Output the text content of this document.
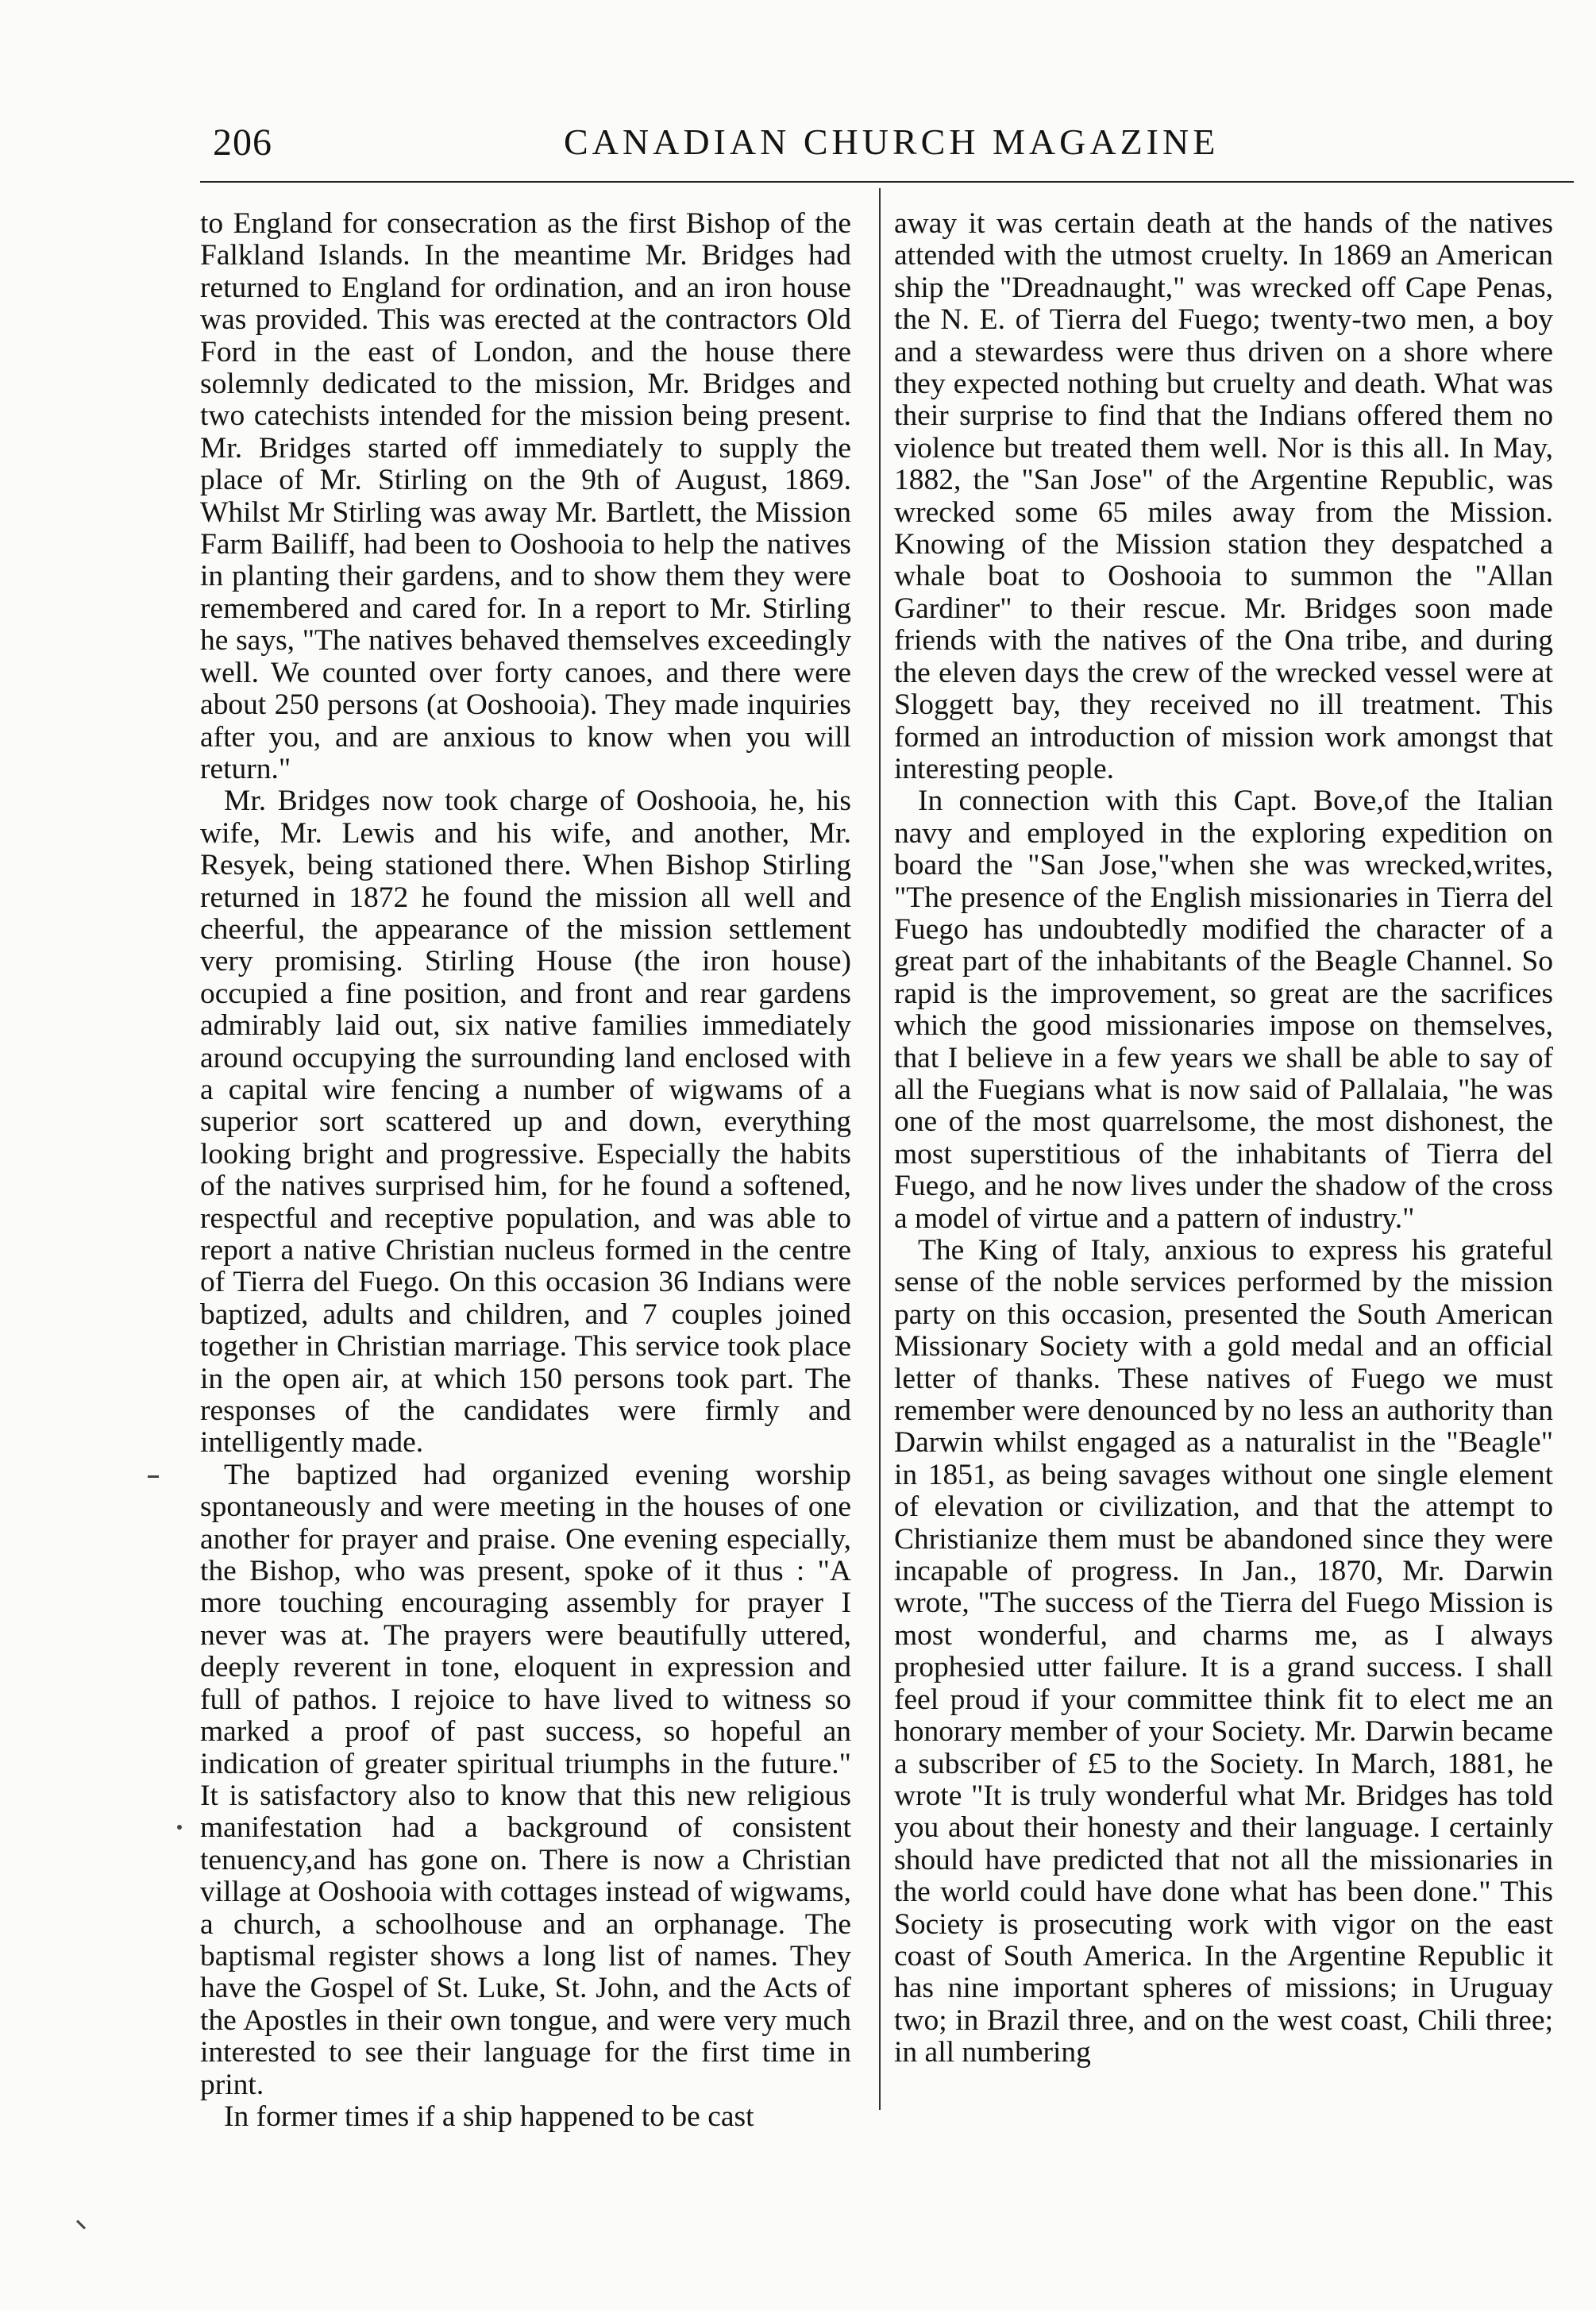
206	CANADIAN CHURCH MAGAZINE

to England for consecration as the first Bishop of the Falkland Islands. In the meantime Mr. Bridges had returned to England for ordination, and an iron house was provided. This was erected at the contractors Old Ford in the east of London, and the house there solemnly dedicated to the mission, Mr. Bridges and two catechists intended for the mission being present. Mr. Bridges started off immediately to supply the place of Mr. Stirling on the 9th of August, 1869. Whilst Mr Stirling was away Mr. Bartlett, the Mission Farm Bailiff, had been to Ooshooia to help the natives in planting their gardens, and to show them they were remembered and cared for. In a report to Mr. Stirling he says, "The natives behaved themselves exceedingly well. We counted over forty canoes, and there were about 250 persons (at Ooshooia). They made inquiries after you, and are anxious to know when you will return."

Mr. Bridges now took charge of Ooshooia, he, his wife, Mr. Lewis and his wife, and another, Mr. Resyek, being stationed there. When Bishop Stirling returned in 1872 he found the mission all well and cheerful, the appearance of the mission settlement very promising. Stirling House (the iron house) occupied a fine position, and front and rear gardens admirably laid out, six native families immediately around occupying the surrounding land enclosed with a capital wire fencing a number of wigwams of a superior sort scattered up and down, everything looking bright and progressive. Especially the habits of the natives surprised him, for he found a softened, respectful and receptive population, and was able to report a native Christian nucleus formed in the centre of Tierra del Fuego. On this occasion 36 Indians were baptized, adults and children, and 7 couples joined together in Christian marriage. This service took place in the open air, at which 150 persons took part. The responses of the candidates were firmly and intelligently made.

The baptized had organized evening worship spontaneously and were meeting in the houses of one another for prayer and praise. One evening especially, the Bishop, who was present, spoke of it thus : "A more touching encouraging assembly for prayer I never was at. The prayers were beautifully uttered, deeply reverent in tone, eloquent in expression and full of pathos. I rejoice to have lived to witness so marked a proof of past success, so hopeful an indication of greater spiritual triumphs in the future." It is satisfactory also to know that this new religious manifestation had a background of consistent tenuency,and has gone on. There is now a Christian village at Ooshooia with cottages instead of wigwams, a church, a schoolhouse and an orphanage. The baptismal register shows a long list of names. They have the Gospel of St. Luke, St. John, and the Acts of the Apostles in their own tongue, and were very much interested to see their language for the first time in print.

In former times if a ship happened to be cast

away it was certain death at the hands of the natives attended with the utmost cruelty. In 1869 an American ship the "Dreadnaught," was wrecked off Cape Penas, the N. E. of Tierra del Fuego; twenty-two men, a boy and a stewardess were thus driven on a shore where they expected nothing but cruelty and death. What was their surprise to find that the Indians offered them no violence but treated them well. Nor is this all. In May, 1882, the "San Jose" of the Argentine Republic, was wrecked some 65 miles away from the Mission. Knowing of the Mission station they despatched a whale boat to Ooshooia to summon the "Allan Gardiner" to their rescue. Mr. Bridges soon made friends with the natives of the Ona tribe, and during the eleven days the crew of the wrecked vessel were at Sloggett bay, they received no ill treatment. This formed an introduction of mission work amongst that interesting people.

In connection with this Capt. Bove,of the Italian navy and employed in the exploring expedition on board the "San Jose,"when she was wrecked,writes, "The presence of the English missionaries in Tierra del Fuego has undoubtedly modified the character of a great part of the inhabitants of the Beagle Channel. So rapid is the improvement, so great are the sacrifices which the good missionaries impose on themselves, that I believe in a few years we shall be able to say of all the Fuegians what is now said of Pallalaia, "he was one of the most quarrelsome, the most dishonest, the most superstitious of the inhabitants of Tierra del Fuego, and he now lives under the shadow of the cross a model of virtue and a pattern of industry."

The King of Italy, anxious to express his grateful sense of the noble services performed by the mission party on this occasion, presented the South American Missionary Society with a gold medal and an official letter of thanks. These natives of Fuego we must remember were denounced by no less an authority than Darwin whilst engaged as a naturalist in the "Beagle" in 1851, as being savages without one single element of elevation or civilization, and that the attempt to Christianize them must be abandoned since they were incapable of progress. In Jan., 1870, Mr. Darwin wrote, "The success of the Tierra del Fuego Mission is most wonderful, and charms me, as I always prophesied utter failure. It is a grand success. I shall feel proud if your committee think fit to elect me an honorary member of your Society. Mr. Darwin became a subscriber of £5 to the Society. In March, 1881, he wrote "It is truly wonderful what Mr. Bridges has told you about their honesty and their language. I certainly should have predicted that not all the missionaries in the world could have done what has been done." This Society is prosecuting work with vigor on the east coast of South America. In the Argentine Republic it has nine important spheres of missions; in Uruguay two; in Brazil three, and on the west coast, Chili three; in all numbering
